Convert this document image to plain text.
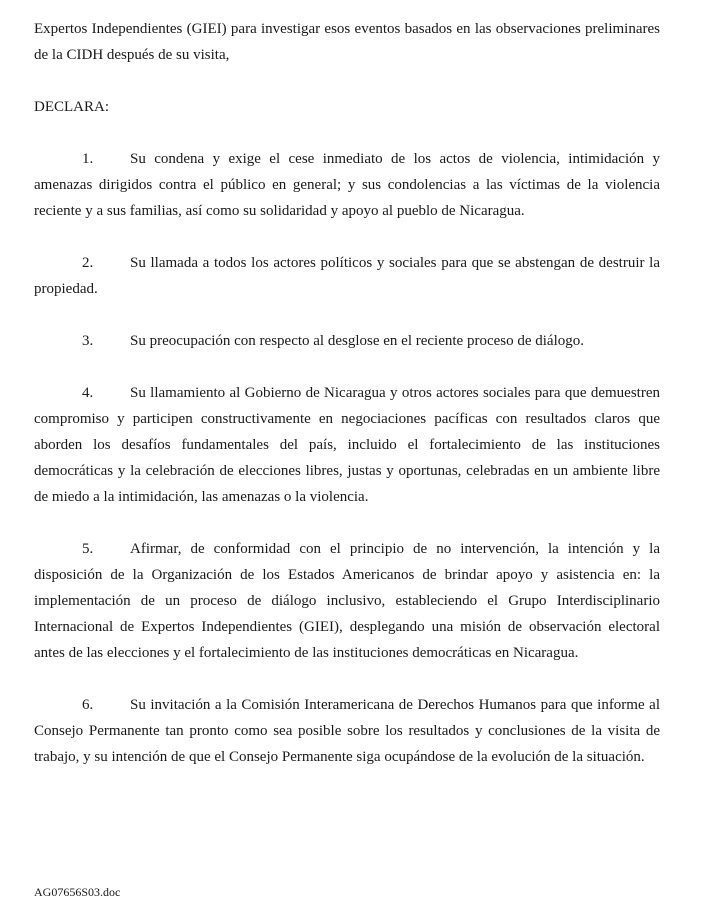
Expertos Independientes (GIEI) para investigar esos eventos basados en las observaciones preliminares de la CIDH después de su visita,

DECLARA:

1. Su condena y exige el cese inmediato de los actos de violencia, intimidación y amenazas dirigidos contra el público en general; y sus condolencias a las víctimas de la violencia reciente y a sus familias, así como su solidaridad y apoyo al pueblo de Nicaragua.

2. Su llamada a todos los actores políticos y sociales para que se abstengan de destruir la propiedad.

3. Su preocupación con respecto al desglose en el reciente proceso de diálogo.

4. Su llamamiento al Gobierno de Nicaragua y otros actores sociales para que demuestren compromiso y participen constructivamente en negociaciones pacíficas con resultados claros que aborden los desafíos fundamentales del país, incluido el fortalecimiento de las instituciones democráticas y la celebración de elecciones libres, justas y oportunas, celebradas en un ambiente libre de miedo a la intimidación, las amenazas o la violencia.

5. Afirmar, de conformidad con el principio de no intervención, la intención y la disposición de la Organización de los Estados Americanos de brindar apoyo y asistencia en: la implementación de un proceso de diálogo inclusivo, estableciendo el Grupo Interdisciplinario Internacional de Expertos Independientes (GIEI), desplegando una misión de observación electoral antes de las elecciones y el fortalecimiento de las instituciones democráticas en Nicaragua.

6. Su invitación a la Comisión Interamericana de Derechos Humanos para que informe al Consejo Permanente tan pronto como sea posible sobre los resultados y conclusiones de la visita de trabajo, y su intención de que el Consejo Permanente siga ocupándose de la evolución de la situación.

AG07656S03.doc
